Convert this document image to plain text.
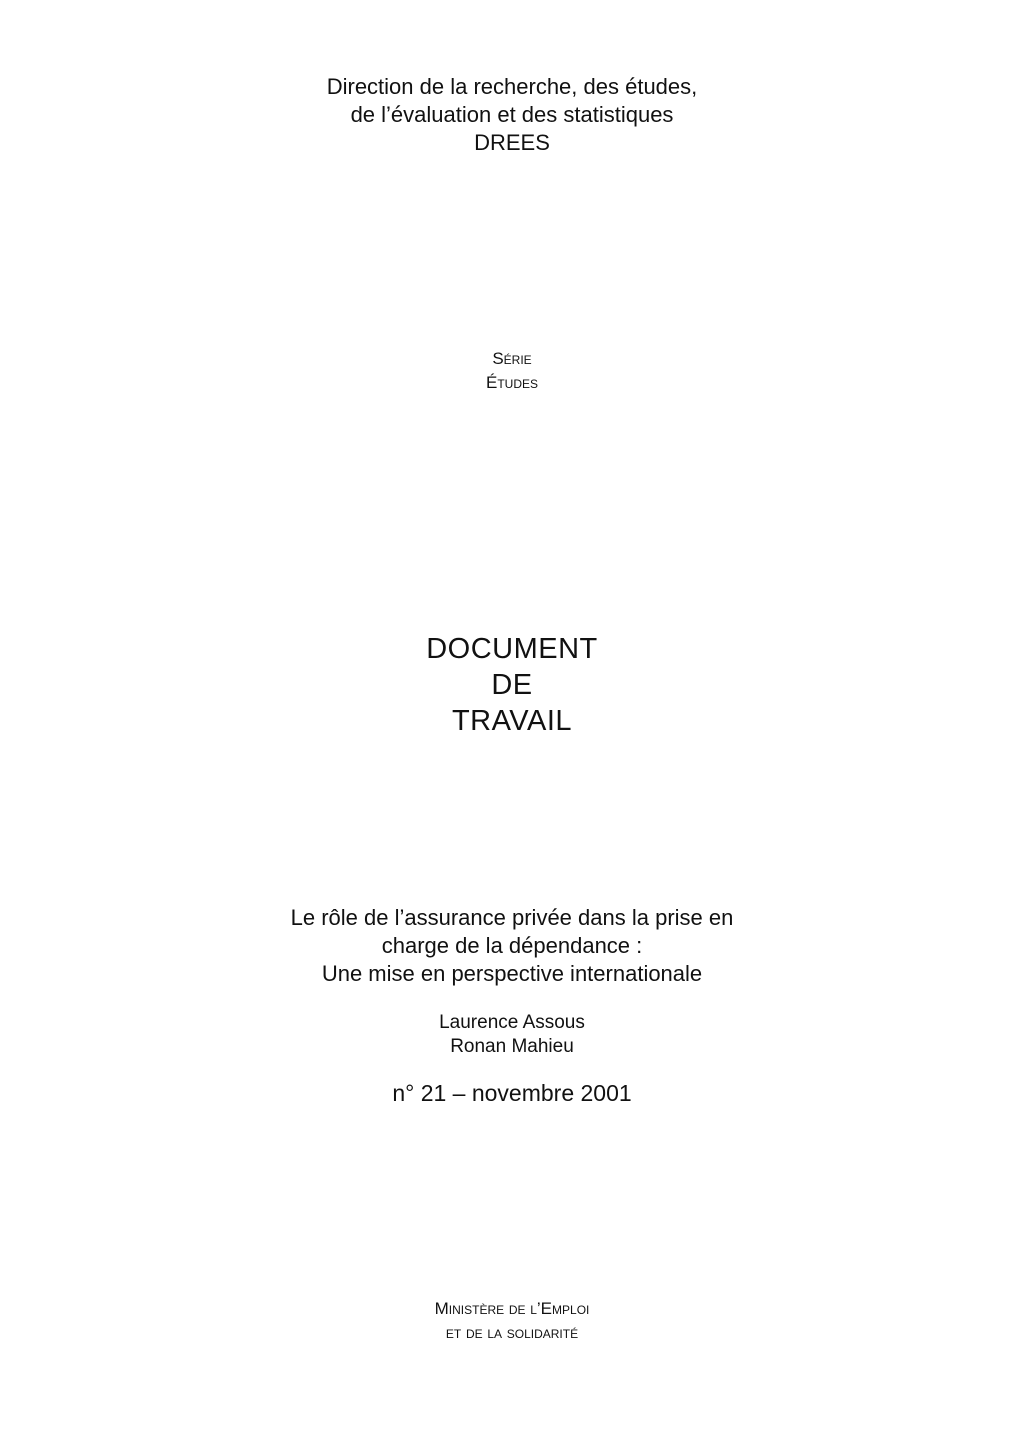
Direction de la recherche, des études,
de l’évaluation et des statistiques
DREES
Série
Études
DOCUMENT
DE
TRAVAIL
Le rôle de l’assurance privée dans la prise en
charge de la dépendance :
Une mise en perspective internationale
Laurence Assous
Ronan Mahieu
n° 21 – novembre 2001
Ministère de l’Emploi
et de la solidarité
